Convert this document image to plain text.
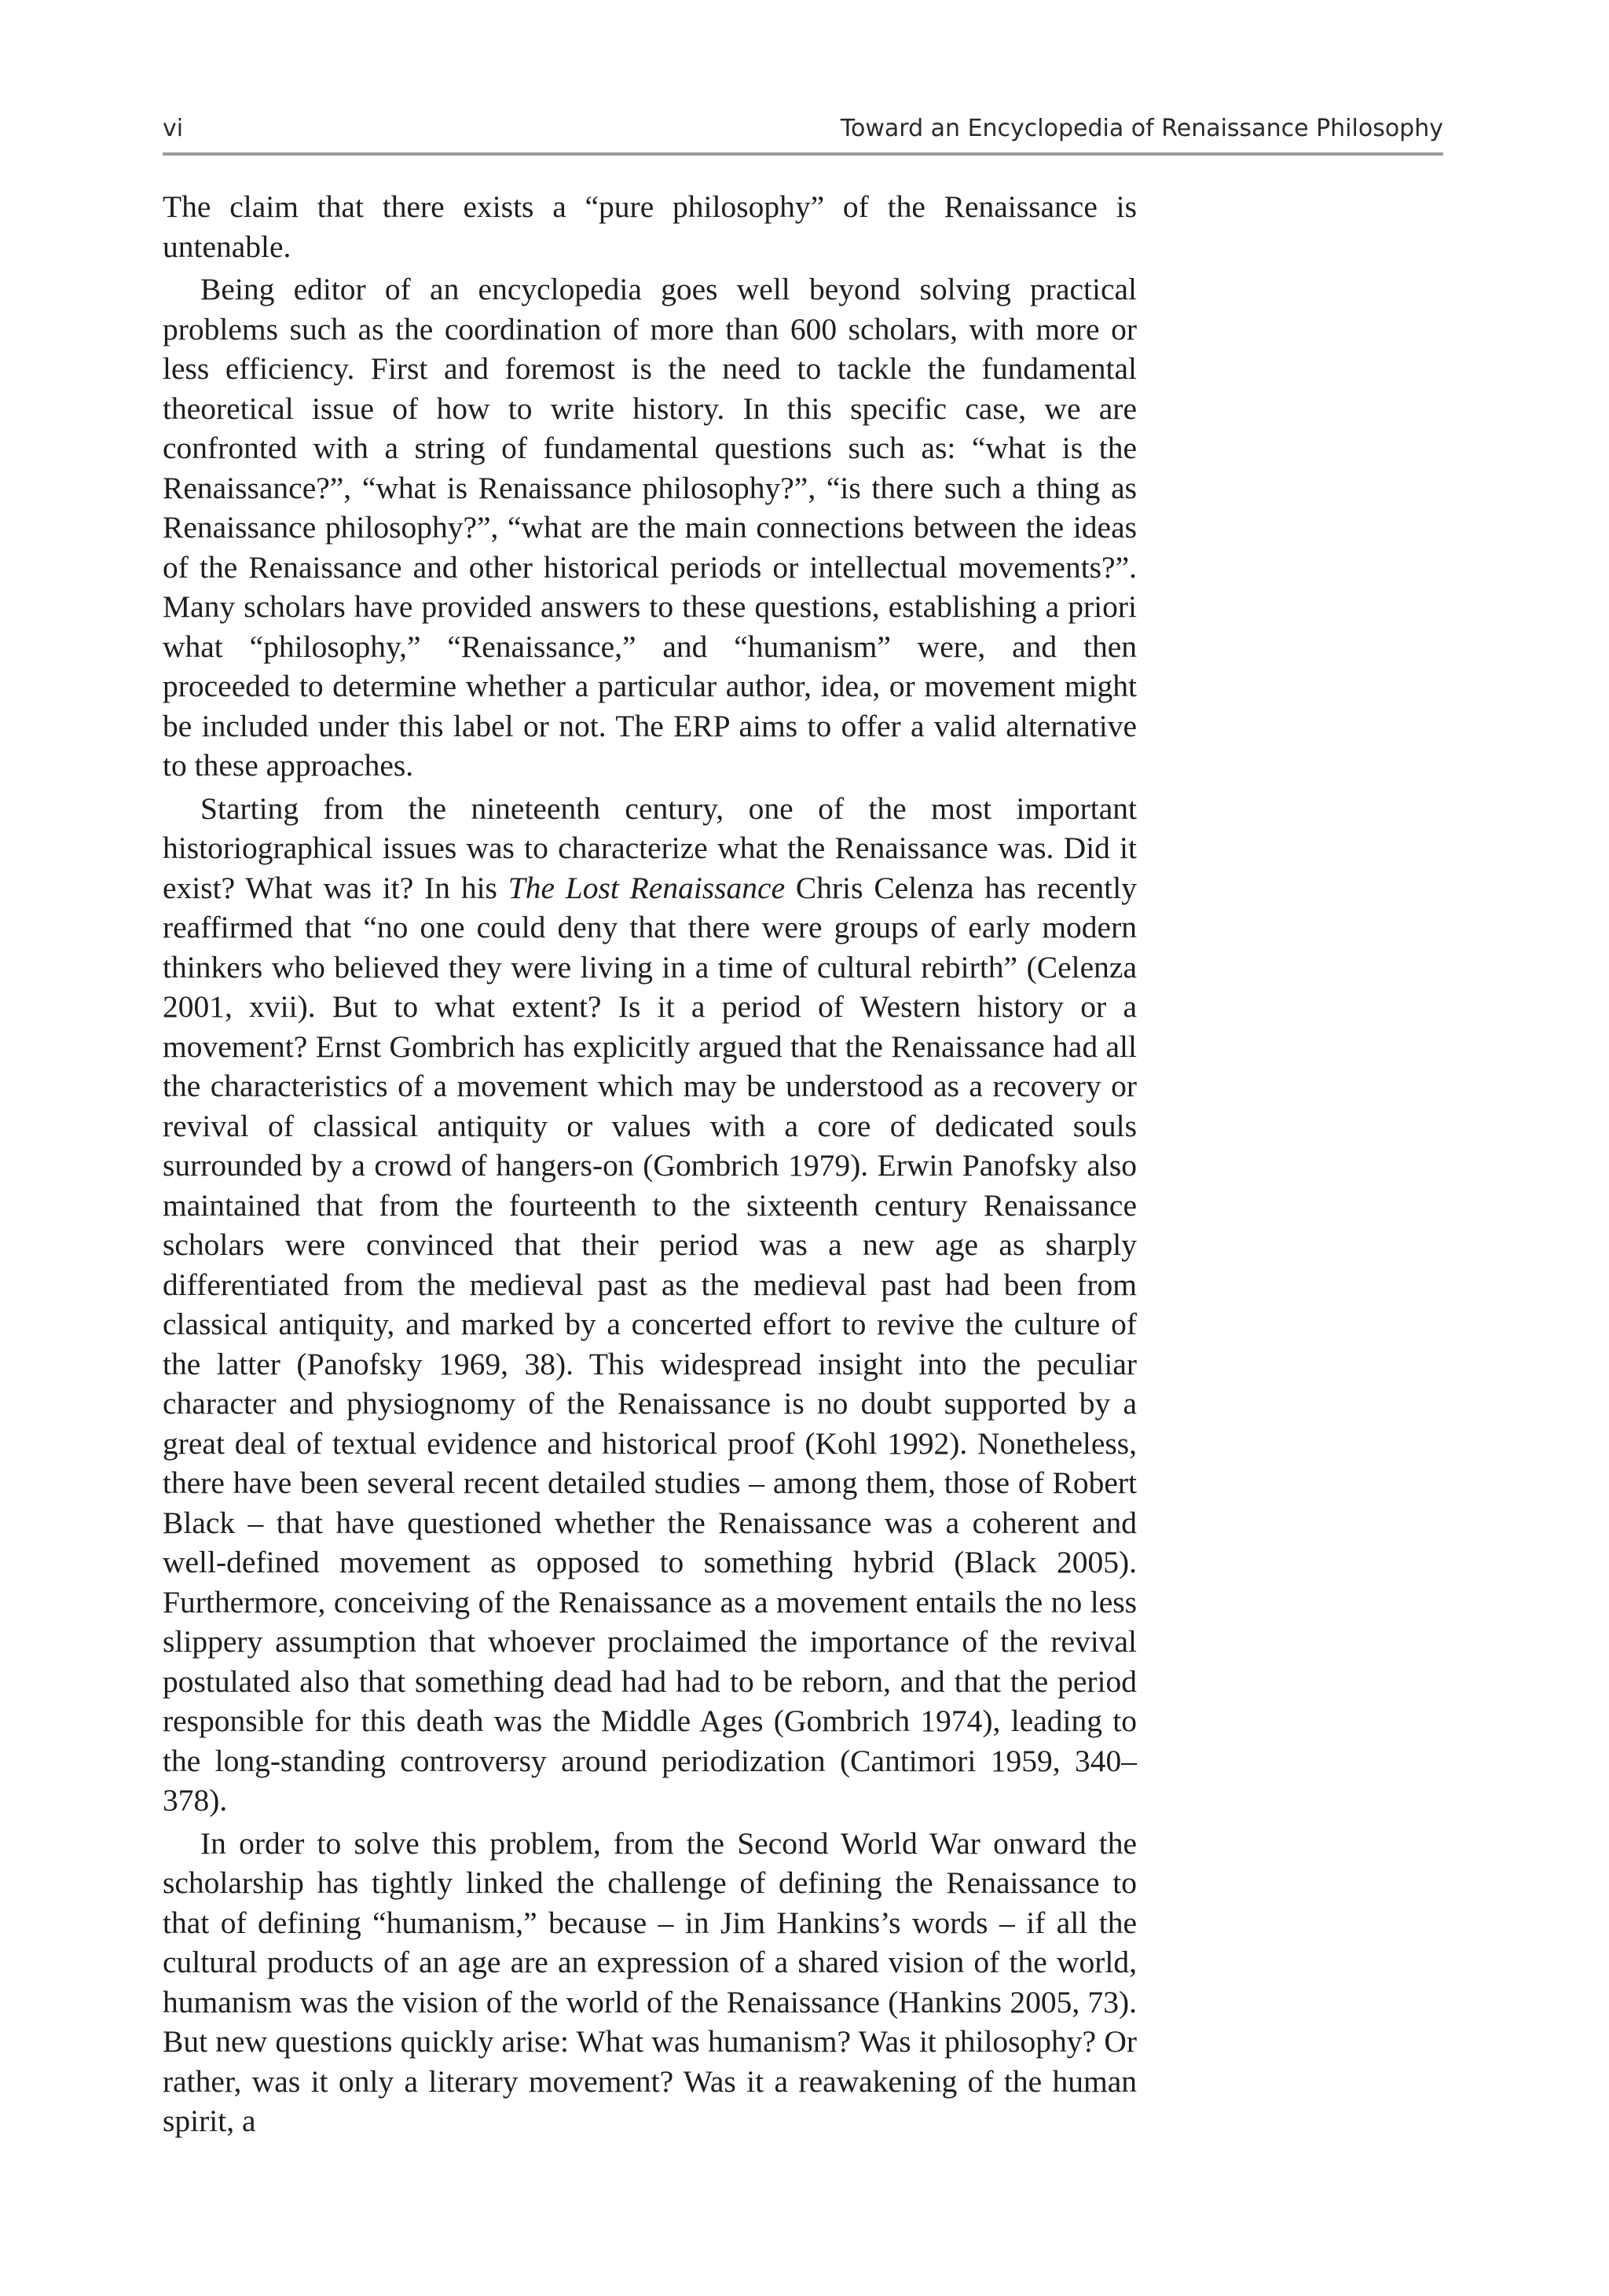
vi	Toward an Encyclopedia of Renaissance Philosophy

The claim that there exists a “pure philosophy” of the Renaissance is untenable.

Being editor of an encyclopedia goes well beyond solving practical problems such as the coordination of more than 600 scholars, with more or less efficiency. First and foremost is the need to tackle the fundamental theoretical issue of how to write history. In this specific case, we are confronted with a string of fundamental questions such as: “what is the Renaissance?”, “what is Renaissance philosophy?”, “is there such a thing as Renaissance philosophy?”, “what are the main connections between the ideas of the Renaissance and other historical periods or intellectual movements?”. Many scholars have provided answers to these questions, establishing a priori what “philosophy,” “Renaissance,” and “humanism” were, and then proceeded to determine whether a particular author, idea, or movement might be included under this label or not. The ERP aims to offer a valid alternative to these approaches.

Starting from the nineteenth century, one of the most important historiographical issues was to characterize what the Renaissance was. Did it exist? What was it? In his The Lost Renaissance Chris Celenza has recently reaffirmed that “no one could deny that there were groups of early modern thinkers who believed they were living in a time of cultural rebirth” (Celenza 2001, xvii). But to what extent? Is it a period of Western history or a movement? Ernst Gombrich has explicitly argued that the Renaissance had all the characteristics of a movement which may be understood as a recovery or revival of classical antiquity or values with a core of dedicated souls surrounded by a crowd of hangers-on (Gombrich 1979). Erwin Panofsky also maintained that from the fourteenth to the sixteenth century Renaissance scholars were convinced that their period was a new age as sharply differentiated from the medieval past as the medieval past had been from classical antiquity, and marked by a concerted effort to revive the culture of the latter (Panofsky 1969, 38). This widespread insight into the peculiar character and physiognomy of the Renaissance is no doubt supported by a great deal of textual evidence and historical proof (Kohl 1992). Nonetheless, there have been several recent detailed studies – among them, those of Robert Black – that have questioned whether the Renaissance was a coherent and well-defined movement as opposed to something hybrid (Black 2005). Furthermore, conceiving of the Renaissance as a movement entails the no less slippery assumption that whoever proclaimed the importance of the revival postulated also that something dead had had to be reborn, and that the period responsible for this death was the Middle Ages (Gombrich 1974), leading to the long-standing controversy around periodization (Cantimori 1959, 340–378).

In order to solve this problem, from the Second World War onward the scholarship has tightly linked the challenge of defining the Renaissance to that of defining “humanism,” because – in Jim Hankins’s words – if all the cultural products of an age are an expression of a shared vision of the world, humanism was the vision of the world of the Renaissance (Hankins 2005, 73). But new questions quickly arise: What was humanism? Was it philosophy? Or rather, was it only a literary movement? Was it a reawakening of the human spirit, a
